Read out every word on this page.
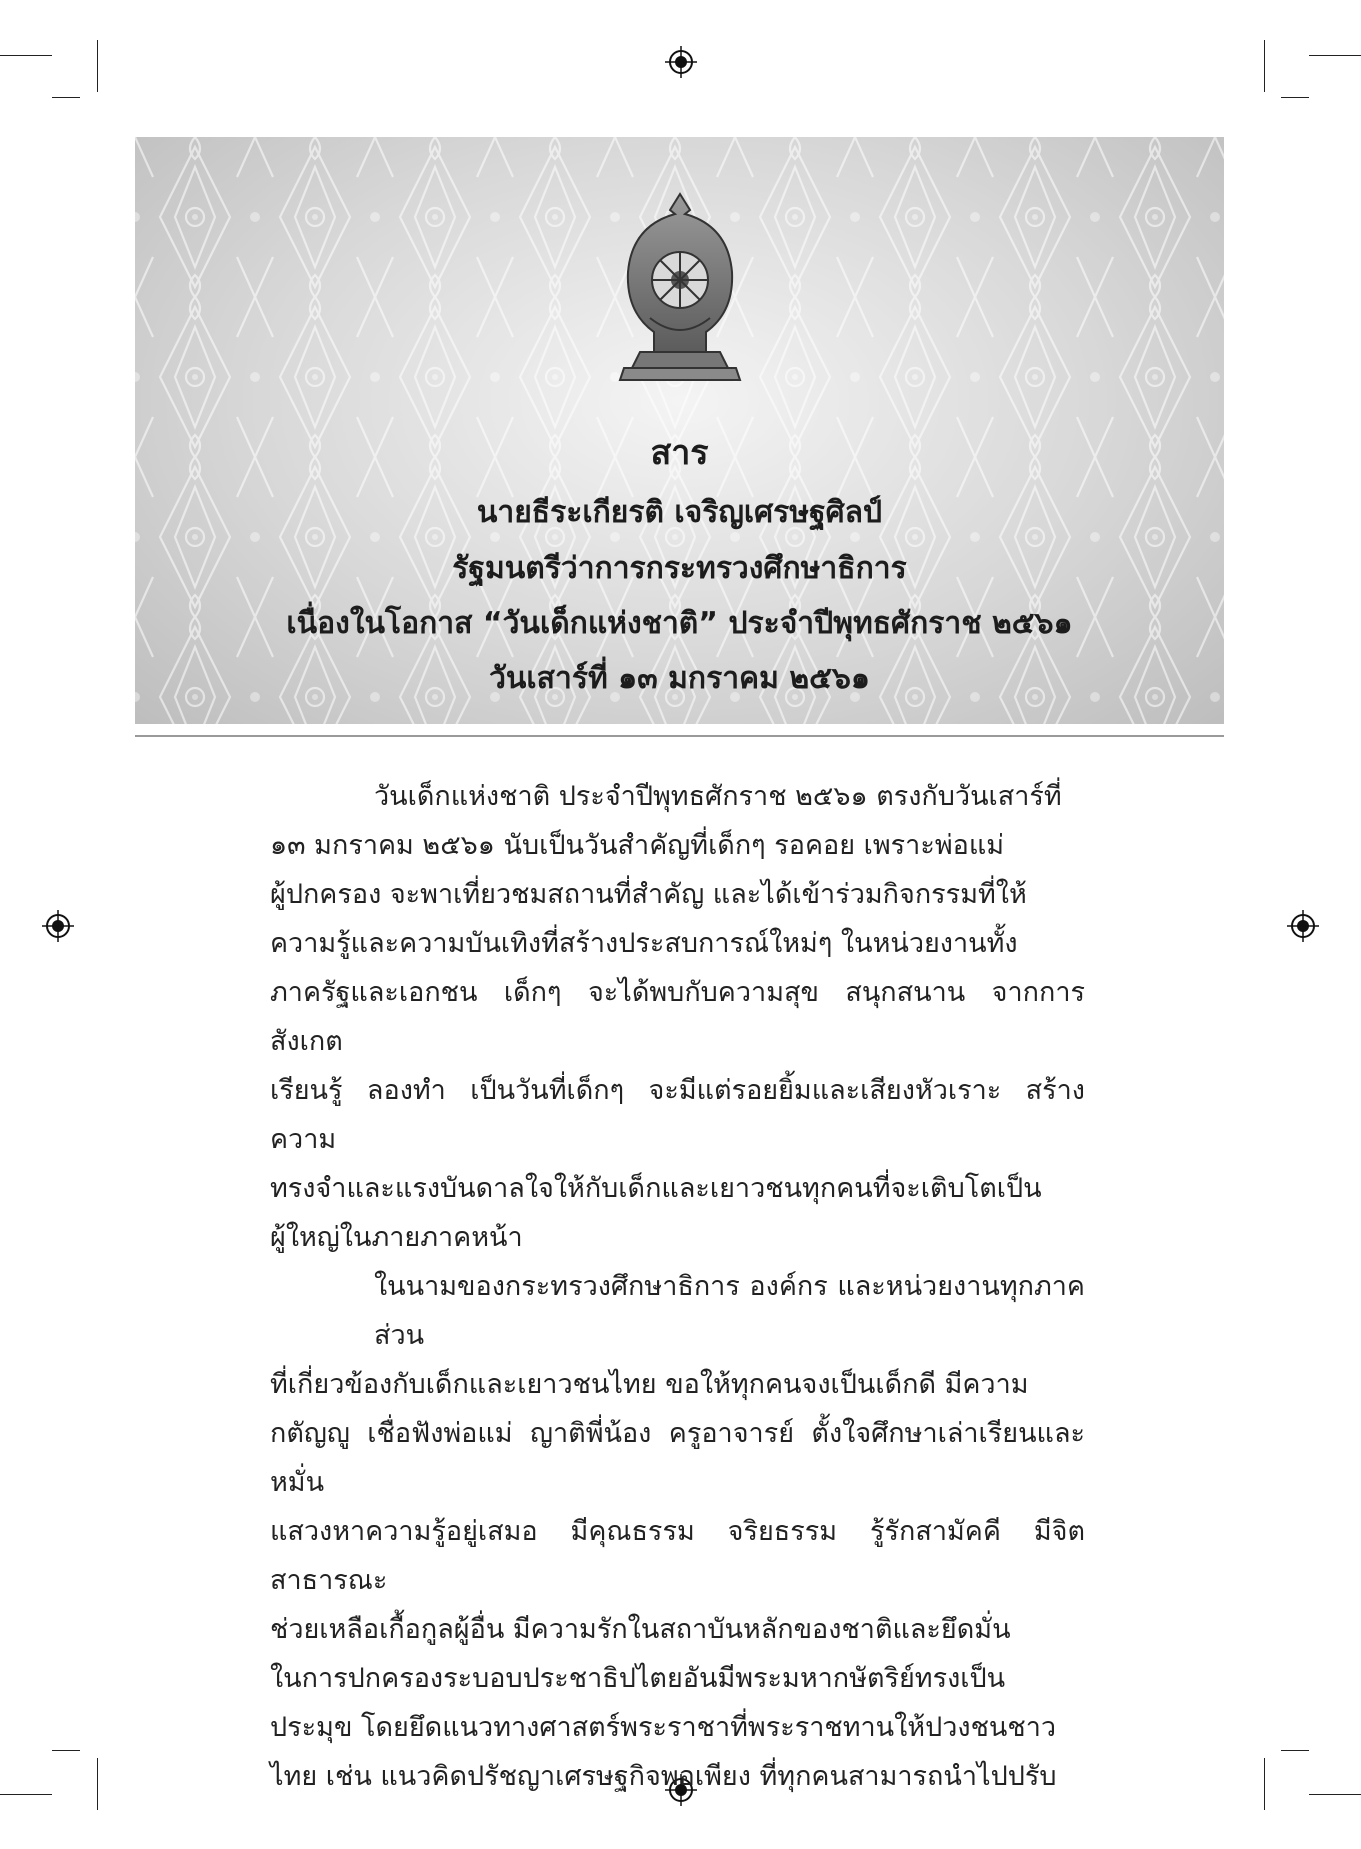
สาร
นายธีระเกียรติ เจริญเศรษฐศิลป์
รัฐมนตรีว่าการกระทรวงศึกษาธิการ
เนื่องในโอกาส “วันเด็กแห่งชาติ” ประจำปีพุทธศักราช ๒๕๖๑
วันเสาร์ที่ ๑๓ มกราคม ๒๕๖๑

วันเด็กแห่งชาติ ประจำปีพุทธศักราช ๒๕๖๑ ตรงกับวันเสาร์ที่
๑๓ มกราคม ๒๕๖๑ นับเป็นวันสำคัญที่เด็กๆ รอคอย เพราะพ่อแม่
ผู้ปกครอง จะพาเที่ยวชมสถานที่สำคัญ และได้เข้าร่วมกิจกรรมที่ให้
ความรู้และความบันเทิงที่สร้างประสบการณ์ใหม่ๆ ในหน่วยงานทั้ง
ภาครัฐและเอกชน เด็กๆ จะได้พบกับความสุข สนุกสนาน จากการสังเกต
เรียนรู้ ลองทำ เป็นวันที่เด็กๆ จะมีแต่รอยยิ้มและเสียงหัวเราะ สร้างความ
ทรงจำและแรงบันดาลใจให้กับเด็กและเยาวชนทุกคนที่จะเติบโตเป็น
ผู้ใหญ่ในภายภาคหน้า

ในนามของกระทรวงศึกษาธิการ องค์กร และหน่วยงานทุกภาคส่วน
ที่เกี่ยวข้องกับเด็กและเยาวชนไทย ขอให้ทุกคนจงเป็นเด็กดี มีความ
กตัญญู เชื่อฟังพ่อแม่ ญาติพี่น้อง ครูอาจารย์ ตั้งใจศึกษาเล่าเรียนและหมั่น
แสวงหาความรู้อยู่เสมอ มีคุณธรรม จริยธรรม รู้รักสามัคคี มีจิตสาธารณะ
ช่วยเหลือเกื้อกูลผู้อื่น มีความรักในสถาบันหลักของชาติและยึดมั่น
ในการปกครองระบอบประชาธิปไตยอันมีพระมหากษัตริย์ทรงเป็น
ประมุข โดยยึดแนวทางศาสตร์พระราชาที่พระราชทานให้ปวงชนชาว
ไทย เช่น แนวคิดปรัชญาเศรษฐกิจพอเพียง ที่ทุกคนสามารถนำไปปรับ
